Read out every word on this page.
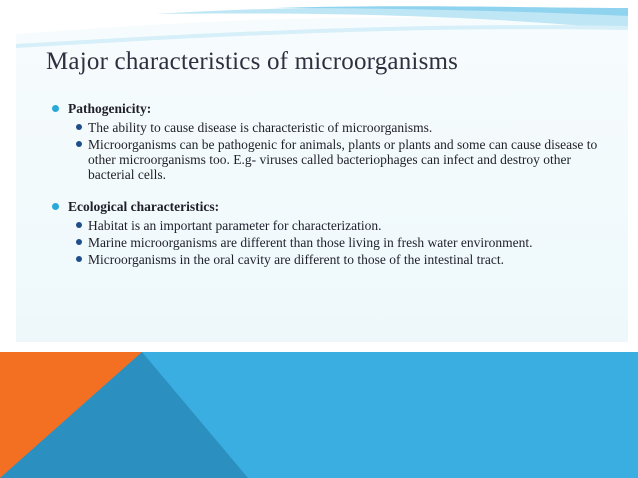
Major characteristics of microorganisms
Pathogenicity:
The ability to cause disease is characteristic of microorganisms.
Microorganisms can be pathogenic for animals, plants or plants and some can cause disease to other microorganisms too. E.g- viruses called bacteriophages can infect and destroy other bacterial cells.
Ecological characteristics:
Habitat is an important parameter for characterization.
Marine microorganisms are different than those living in fresh water environment.
Microorganisms in the oral cavity are different to those of the intestinal tract.
